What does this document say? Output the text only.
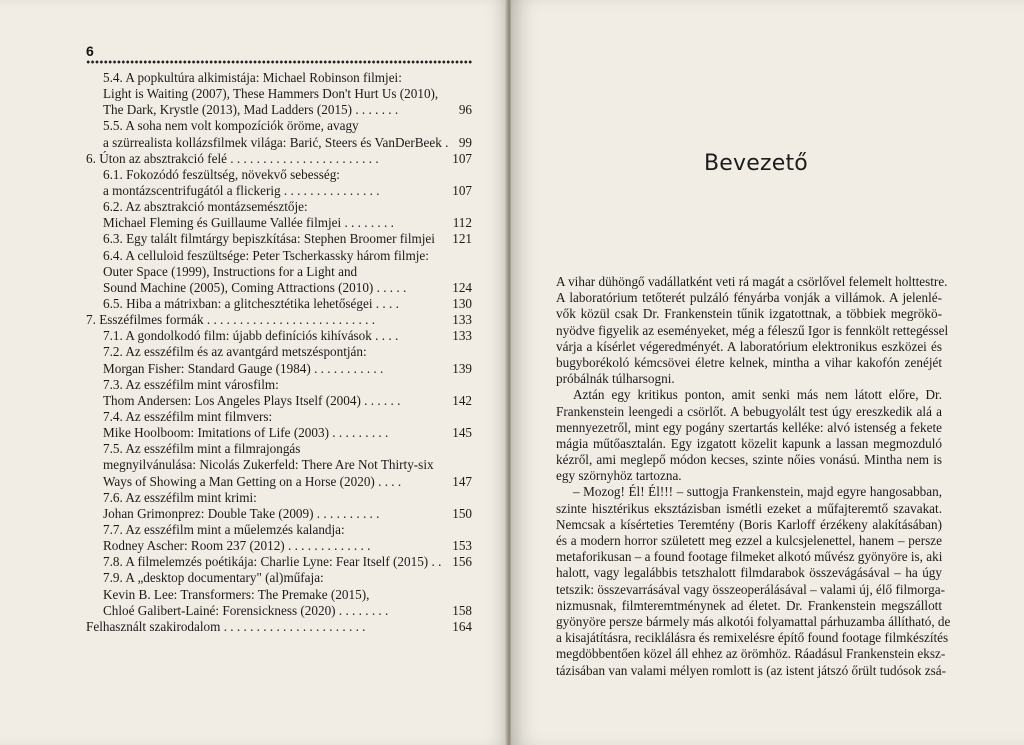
6
5.4. A popkultúra alkimistája: Michael Robinson filmjei:
Light is Waiting (2007), These Hammers Don't Hurt Us (2010),
The Dark, Krystle (2013), Mad Ladders (2015) . . . . . . .	96
5.5. A soha nem volt kompozíciók öröme, avagy
a szürrealista kollázsfilmek világa: Barić, Steers és VanDerBeek . 99
6. Úton az absztrakció felé . . . . . . . . . . . . . . . . . . . . . . .	107
6.1. Fokozódó feszültség, növekvő sebesség:
a montázscentrifugától a flickerig . . . . . . . . . . . . . . .	107
6.2. Az absztrakció montázsemésztője:
Michael Fleming és Guillaume Vallée filmjei . . . . . . . .	112
6.3. Egy talált filmtárgy bepiszkítása: Stephen Broomer filmjei 121
6.4. A celluloid feszültsége: Peter Tscherkassky három filmje:
Outer Space (1999), Instructions for a Light and
Sound Machine (2005), Coming Attractions (2010) . . . . .	124
6.5. Hiba a mátrixban: a glitchesztétika lehetőségei . . . .	130
7. Esszéfilmes formák . . . . . . . . . . . . . . . . . . . . . . . . . .	133
7.1. A gondolkodó film: újabb definíciós kihívások . . . .	133
7.2. Az esszéfilm és az avantgárd metszéspontján:
Morgan Fisher: Standard Gauge (1984) . . . . . . . . . . .	139
7.3. Az esszéfilm mint városfilm:
Thom Andersen: Los Angeles Plays Itself (2004) . . . . . .	142
7.4. Az esszéfilm mint filmvers:
Mike Hoolboom: Imitations of Life (2003) . . . . . . . . .	145
7.5. Az esszéfilm mint a filmrajongás
megnyilvánulása: Nicolás Zukerfeld: There Are Not Thirty-six
Ways of Showing a Man Getting on a Horse (2020) . . . .	147
7.6. Az esszéfilm mint krimi:
Johan Grimonprez: Double Take (2009) . . . . . . . . . .	150
7.7. Az esszéfilm mint a műelemzés kalandja:
Rodney Ascher: Room 237 (2012) . . . . . . . . . . . . .	153
7.8. A filmelemzés poétikája: Charlie Lyne: Fear Itself (2015) . . 156
7.9. A „desktop documentary" (al)műfaja:
Kevin B. Lee: Transformers: The Premake (2015),
Chloé Galibert-Lainé: Forensickness (2020) . . . . . . . .	158
Felhasznált szakirodalom . . . . . . . . . . . . . . . . . . . . . .	164
Bevezető
A vihar dühöngő vadállatként veti rá magát a csörlővel felemelt holttestre.
A laboratórium tetőterét pulzáló fényárba vonják a villámok. A jelenlé-
vők közül csak Dr. Frankenstein tűnik izgatottnak, a többiek megrökö-
nyödve figyelik az eseményeket, még a féleszű Igor is fennkölt rettegéssel
várja a kísérlet végeredményét. A laboratórium elektronikus eszközei és
bugyborékoló kémcsövei életre kelnek, mintha a vihar kakofón zenéjét
próbálnák túlharsogni.
Aztán egy kritikus ponton, amit senki más nem látott előre, Dr.
Frankenstein leengedi a csörlőt. A bebugyolált test úgy ereszkedik alá a
mennyezetről, mint egy pogány szertartás kelléke: alvó istenség a fekete
mágia műtőasztalán. Egy izgatott közelit kapunk a lassan megmozduló
kézről, ami meglepő módon kecses, szinte nőies vonású. Mintha nem is
egy szörnyhöz tartozna.
– Mozog! Él! Él!!! – suttogja Frankenstein, majd egyre hangosabban,
szinte hisztérikus eksztázisban ismétli ezeket a műfajteremtő szavakat.
Nemcsak a kísérteties Teremtény (Boris Karloff érzékeny alakításában)
és a modern horror született meg ezzel a kulcsjelenettel, hanem – persze
metaforikusan – a found footage filmeket alkotó művész gyönyöre is, aki
halott, vagy legalábbis tetszhalott filmdarabok összevágásával – ha úgy
tetszik: összevarrásával vagy összeoperálásával – valami új, élő filmorga-
nizmusnak, filmteremtménynek ad életet. Dr. Frankenstein megszállott
gyönyöre persze bármely más alkotói folyamattal párhuzamba állítható, de
a kisajátításra, reciklálásra és remixelésre építő found footage filmkészítés
megdöbbentően közel áll ehhez az örömhöz. Ráadásul Frankenstein eksz-
tázisában van valami mélyen romlott is (az istent játszó őrült tudósok zsá-
